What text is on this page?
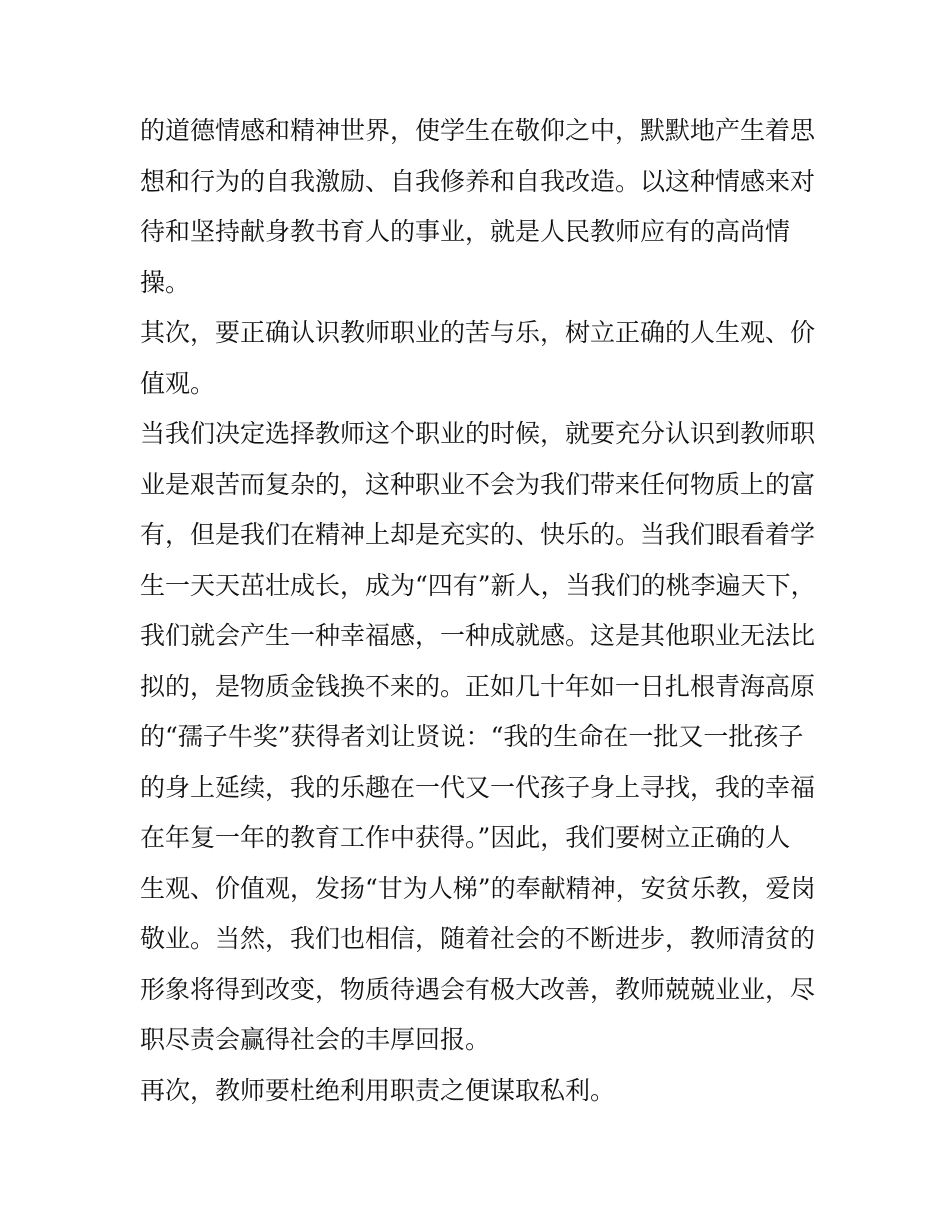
的道德情感和精神世界，使学生在敬仰之中，默默地产生着思
想和行为的自我激励、自我修养和自我改造。以这种情感来对
待和坚持献身教书育人的事业，就是人民教师应有的高尚情
操。
其次，要正确认识教师职业的苦与乐，树立正确的人生观、价
值观。
当我们决定选择教师这个职业的时候，就要充分认识到教师职
业是艰苦而复杂的，这种职业不会为我们带来任何物质上的富
有，但是我们在精神上却是充实的、快乐的。当我们眼看着学
生一天天茁壮成长，成为“四有”新人，当我们的桃李遍天下，
我们就会产生一种幸福感，一种成就感。这是其他职业无法比
拟的，是物质金钱换不来的。正如几十年如一日扎根青海高原
的“孺子牛奖”获得者刘让贤说：“我的生命在一批又一批孩子
的身上延续，我的乐趣在一代又一代孩子身上寻找，我的幸福
在年复一年的教育工作中获得。”因此，我们要树立正确的人
生观、价值观，发扬“甘为人梯”的奉献精神，安贫乐教，爱岗
敬业。当然，我们也相信，随着社会的不断进步，教师清贫的
形象将得到改变，物质待遇会有极大改善，教师兢兢业业，尽
职尽责会赢得社会的丰厚回报。
再次，教师要杜绝利用职责之便谋取私利。
